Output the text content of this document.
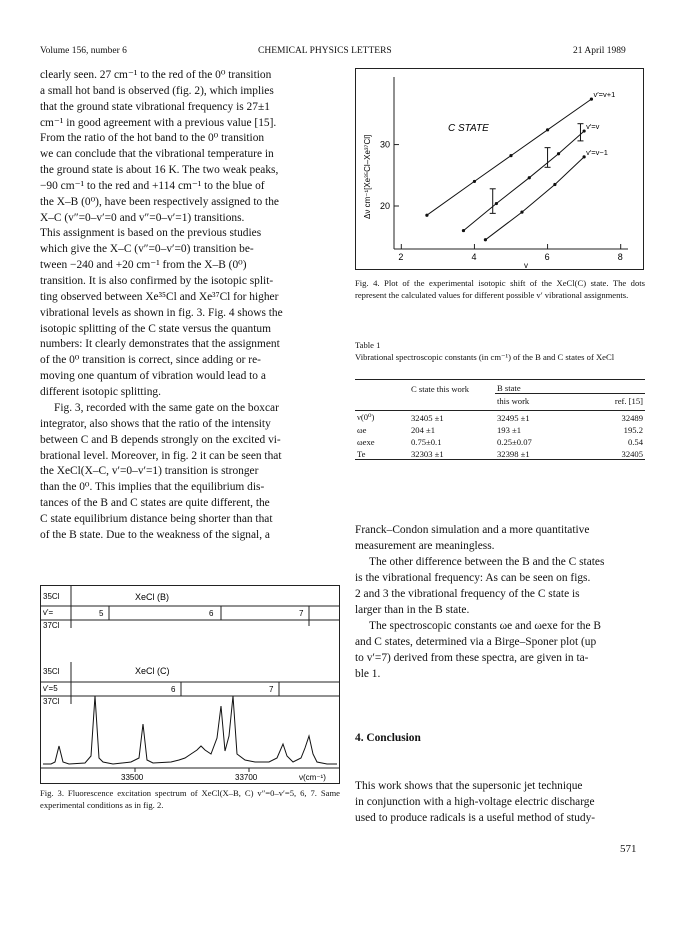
Volume 156, number 6	CHEMICAL PHYSICS LETTERS	21 April 1989
clearly seen. 27 cm⁻¹ to the red of the 0⁰ transition
a small hot band is observed (fig. 2), which implies
that the ground state vibrational frequency is 27±1
cm⁻¹ in good agreement with a previous value [15].
From the ratio of the hot band to the 0⁰ transition
we can conclude that the vibrational temperature in
the ground state is about 16 K. The two weak peaks,
−90 cm⁻¹ to the red and +114 cm⁻¹ to the blue of
the X–B (0⁰), have been respectively assigned to the
X–C (v″=0–v′=0 and v″=0–v′=1) transitions.
This assignment is based on the previous studies
which give the X–C (v″=0–v′=0) transition be-
tween −240 and +20 cm⁻¹ from the X–B (0⁰)
transition. It is also confirmed by the isotopic split-
ting observed between Xe³⁵Cl and Xe³⁷Cl for higher
vibrational levels as shown in fig. 3. Fig. 4 shows the
isotopic splitting of the C state versus the quantum
numbers: It clearly demonstrates that the assignment
of the 0⁰ transition is correct, since adding or re-
moving one quantum of vibration would lead to a
different isotopic splitting.
Fig. 3, recorded with the same gate on the boxcar
integrator, also shows that the ratio of the intensity
between C and B depends strongly on the excited vi-
brational level. Moreover, in fig. 2 it can be seen that
the XeCl(X–C, v′=0–v′=1) transition is stronger
than the 0⁰. This implies that the equilibrium dis-
tances of the B and C states are quite different, the
C state equilibrium distance being shorter than that
of the B state. Due to the weakness of the signal, a
35Cl
v'=
37Cl
XeCl (B)
5	6	7
35Cl
v'=5
37Cl
XeCl (C)
6	7
33500	33700	ν(cm⁻¹)
Fig. 3. Fluorescence excitation spectrum of XeCl(X–B, C) v″=0–v′=5, 6, 7. Same experimental conditions as in fig. 2.
C STATE
Δν cm⁻¹[Xe³⁵Cl–Xe³⁷Cl]
v
2	4	6	8
20
30
v′=v+1
v′=v
v′=v−1
Fig. 4. Plot of the experimental isotopic shift of the XeCl(C) state. The dots represent the calculated values for different possible v′ vibrational assignments.
Table 1
Vibrational spectroscopic constants (in cm⁻¹) of the B and C states of XeCl
	C state this work	B state	
		this work	ref. [15]

ν(0⁰)	32405 ±1	32495 ±1	32489
ωe	204 ±1	193 ±1	195.2
ωexe	0.75±0.1	0.25±0.07	0.54
Te	32303 ±1	32398 ±1	32405
Franck–Condon simulation and a more quantitative
measurement are meaningless.
The other difference between the B and the C states
is the vibrational frequency: As can be seen on figs.
2 and 3 the vibrational frequency of the C state is
larger than in the B state.
The spectroscopic constants ωe and ωexe for the B
and C states, determined via a Birge–Sponer plot (up
to v′=7) derived from these spectra, are given in ta-
ble 1.
4. Conclusion
This work shows that the supersonic jet technique
in conjunction with a high-voltage electric discharge
used to produce radicals is a useful method of study-
571
